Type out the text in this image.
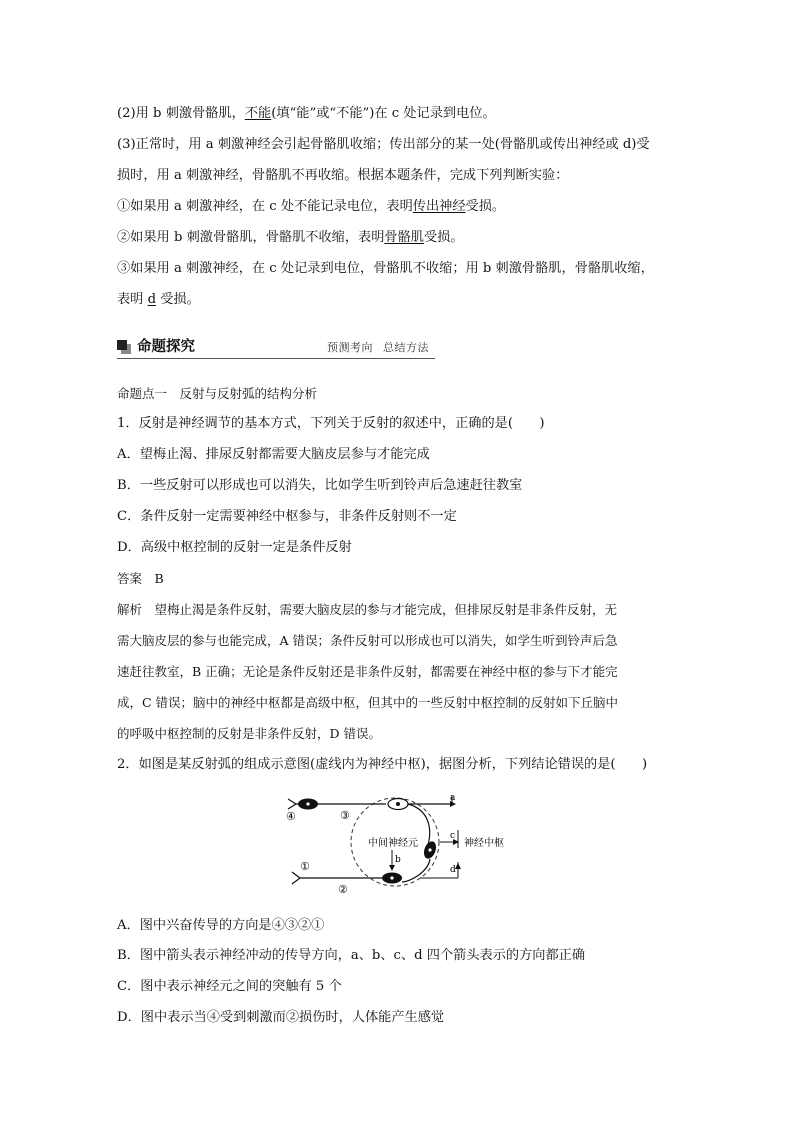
(2)用 b 刺激骨骼肌，不能(填“能”或“不能”)在 c 处记录到电位。
(3)正常时，用 a 刺激神经会引起骨骼肌收缩；传出部分的某一处(骨骼肌或传出神经或 d)受
损时，用 a 刺激神经，骨骼肌不再收缩。根据本题条件，完成下列判断实验：
①如果用 a 刺激神经，在 c 处不能记录电位，表明传出神经受损。
②如果用 b 刺激骨骼肌，骨骼肌不收缩，表明骨骼肌受损。
③如果用 a 刺激神经，在 c 处记录到电位，骨骼肌不收缩；用 b 刺激骨骼肌，骨骼肌收缩，
表明 d 受损。
命题探究	预测考向 总结方法
命题点一　反射与反射弧的结构分析
1．反射是神经调节的基本方式，下列关于反射的叙述中，正确的是(　　)
A．望梅止渴、排尿反射都需要大脑皮层参与才能完成
B．一些反射可以形成也可以消失，比如学生听到铃声后急速赶往教室
C．条件反射一定需要神经中枢参与，非条件反射则不一定
D．高级中枢控制的反射一定是条件反射
答案　B
解析　望梅止渴是条件反射，需要大脑皮层的参与才能完成，但排尿反射是非条件反射，无
需大脑皮层的参与也能完成，A 错误；条件反射可以形成也可以消失，如学生听到铃声后急
速赶往教室，B 正确；无论是条件反射还是非条件反射，都需要在神经中枢的参与下才能完
成，C 错误；脑中的神经中枢都是高级中枢，但其中的一些反射中枢控制的反射如下丘脑中
的呼吸中枢控制的反射是非条件反射，D 错误。
2．如图是某反射弧的组成示意图(虚线内为神经中枢)，据图分析，下列结论错误的是(　　)
a
c
d
神经中枢
中间神经元
b
④	③
①
②
A．图中兴奋传导的方向是④③②①
B．图中箭头表示神经冲动的传导方向，a、b、c、d 四个箭头表示的方向都正确
C．图中表示神经元之间的突触有 5 个
D．图中表示当④受到刺激而②损伤时，人体能产生感觉
